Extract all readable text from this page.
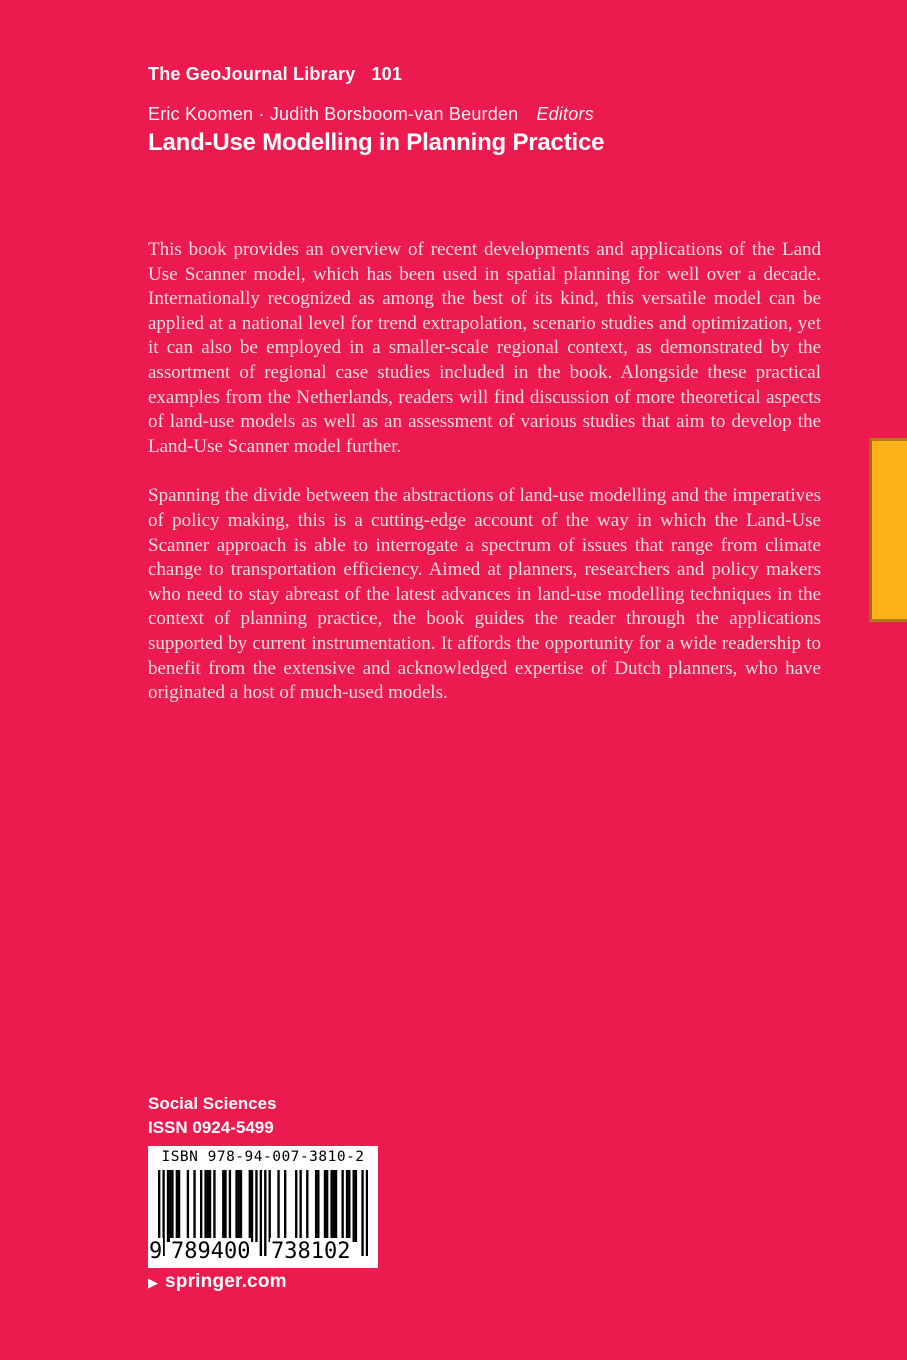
The GeoJournal Library 101
Eric Koomen · Judith Borsboom-van Beurden Editors
Land-Use Modelling in Planning Practice

This book provides an overview of recent developments and applications of the Land Use Scanner model, which has been used in spatial planning for well over a decade. Internationally recognized as among the best of its kind, this versatile model can be applied at a national level for trend extrapolation, scenario studies and optimization, yet it can also be employed in a smaller-scale regional context, as demonstrated by the assortment of regional case studies included in the book. Alongside these practical examples from the Netherlands, readers will find discussion of more theoretical aspects of land-use models as well as an assessment of various studies that aim to develop the Land-Use Scanner model further.

Spanning the divide between the abstractions of land-use modelling and the imperatives of policy making, this is a cutting-edge account of the way in which the Land-Use Scanner approach is able to interrogate a spectrum of issues that range from climate change to transportation efficiency. Aimed at planners, researchers and policy makers who need to stay abreast of the latest advances in land-use modelling techniques in the context of planning practice, the book guides the reader through the applications supported by current instrumentation. It affords the opportunity for a wide readership to benefit from the extensive and acknowledged expertise of Dutch planners, who have originated a host of much-used models.

Social Sciences
ISSN 0924-5499
ISBN 978-94-007-3810-2
9 789400 738102
▶ springer.com
